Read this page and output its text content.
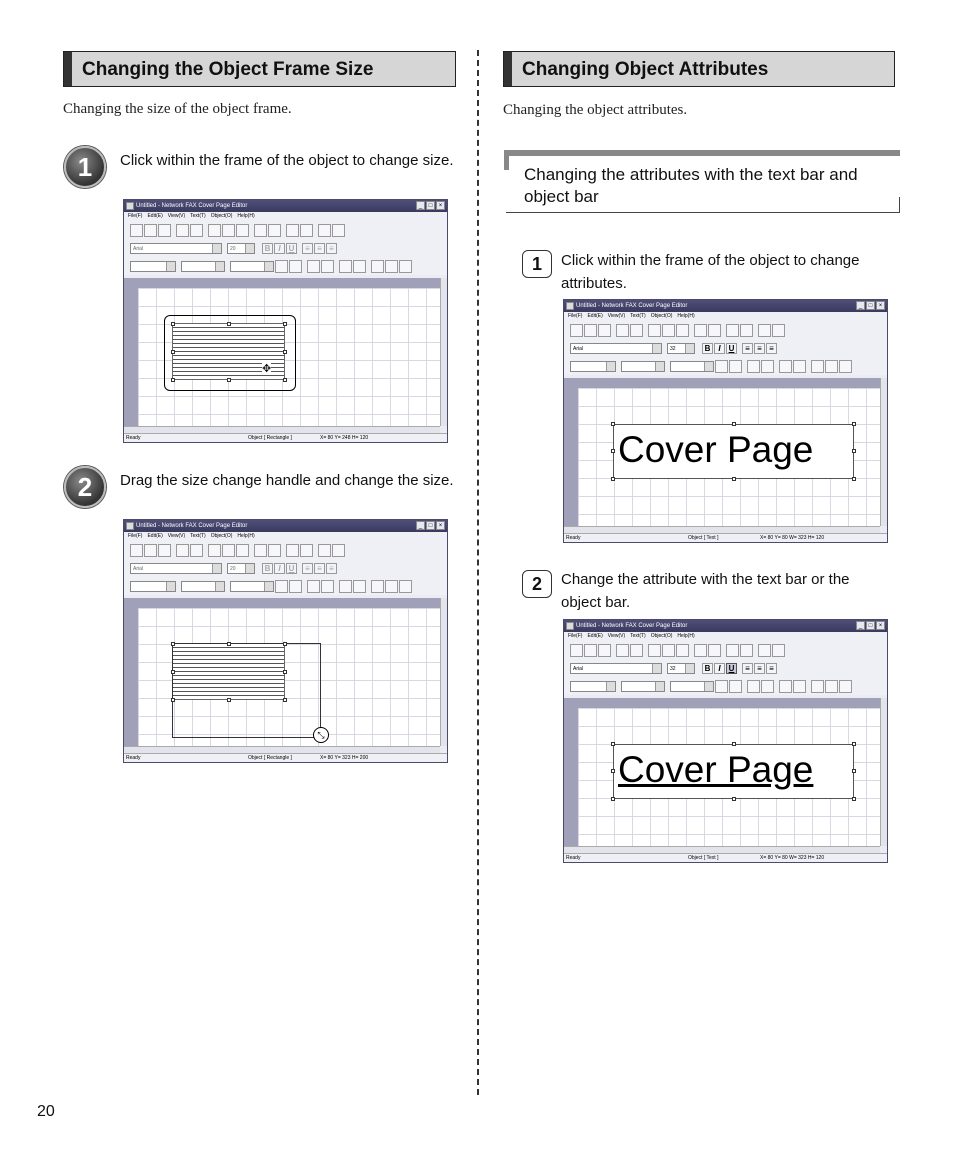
Changing the Object Frame Size
Changing the size of the object frame.
1	Click within the frame of the object to change size.
2	Drag the size change handle and change the size.
Untitled - Network FAX Cover Page Editor	_	□	×
File(F) Edit(E) View(V) Text(T) Object(O) Help(H)
Arial	20	B I	U	≡ ≡ ≡
✥
Ready	Object [ Rectangle ]	X= 80 Y= 248 H= 120
Untitled - Network FAX Cover Page Editor	_	□	×
File(F) Edit(E) View(V) Text(T) Object(O) Help(H)
Arial	20	B I	U	≡ ≡ ≡
⤡
Ready	Object [ Rectangle ]	X= 80 Y= 323 H= 200
Changing Object Attributes
Changing the object attributes.
Changing the attributes with the text bar and object bar
1	Click within the frame of the object to change attributes.
2	Change the attribute with the text bar or the object bar.
Untitled - Network FAX Cover Page Editor	_	□	×
File(F) Edit(E) View(V) Text(T) Object(O) Help(H)
Arial	32	B I	U	≡ ≡ ≡
Cover Page
Ready	Object [ Text ]	X= 80 Y= 80 W= 323 H= 120
Untitled - Network FAX Cover Page Editor	_	□	×
File(F) Edit(E) View(V) Text(T) Object(O) Help(H)
Arial	32	B I	U	≡ ≡ ≡
Cover Page
Ready	Object [ Text ]	X= 80 Y= 80 W= 323 H= 120
20
